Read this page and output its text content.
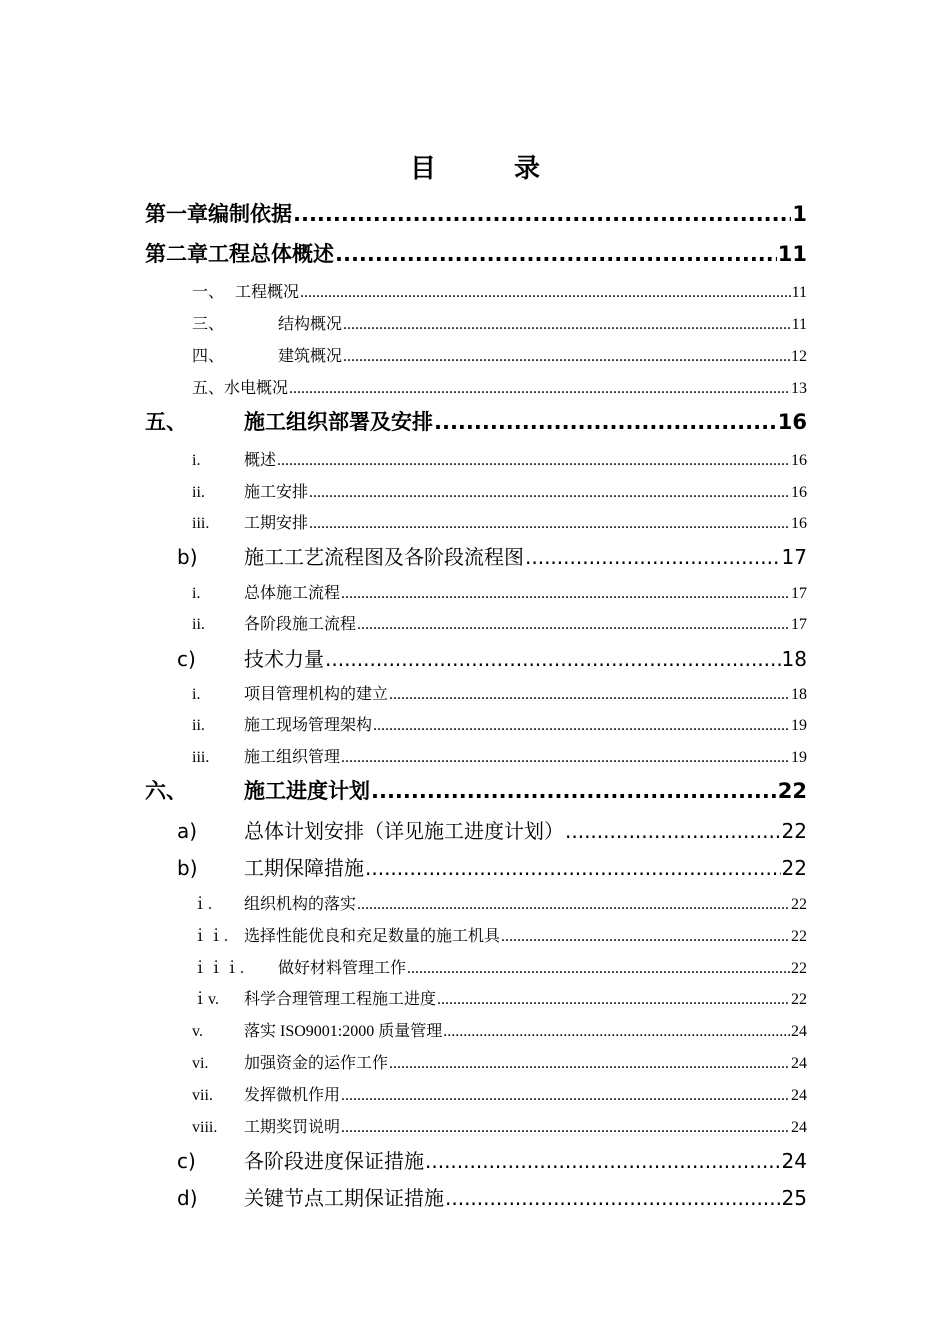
目　录
第一章 编制依据 .....	1
第二章 工程总体概述 .....	11
一、 工程概况 .....	11
三、	结构概况 .....	11
四、	建筑概况 .....	12
五、水电概况 .....	13
五、	施工组织部署及安排 .....	16
i.	概述 .....	16
ii.	施工安排 .....	16
iii.	工期安排 .....	16
b)	施工工艺流程图及各阶段流程图 .....	17
i.	总体施工流程 .....	17
ii.	各阶段施工流程 .....	17
c)	技术力量 .....	18
i.	项目管理机构的建立 .....	18
ii.	施工现场管理架构 .....	19
iii.	施工组织管理 .....	19
六、	施工进度计划 .....	22
a)	总体计划安排（详见施工进度计划） .....	22
b)	工期保障措施 .....	22
ｉ.	组织机构的落实 .....	22
ｉｉ. 选择性能优良和充足数量的施工机具 .....	22
ｉｉｉ.	做好材料管理工作 .....	22
ｉv.	科学合理管理工程施工进度 .....	22
v.	落实 ISO9001:2000 质量管理 .....	24
vi.	加强资金的运作工作 .....	24
vii.	发挥微机作用 .....	24
viii.	工期奖罚说明 .....	24
c)	各阶段进度保证措施 .....	24
d)	关键节点工期保证措施 .....	25
